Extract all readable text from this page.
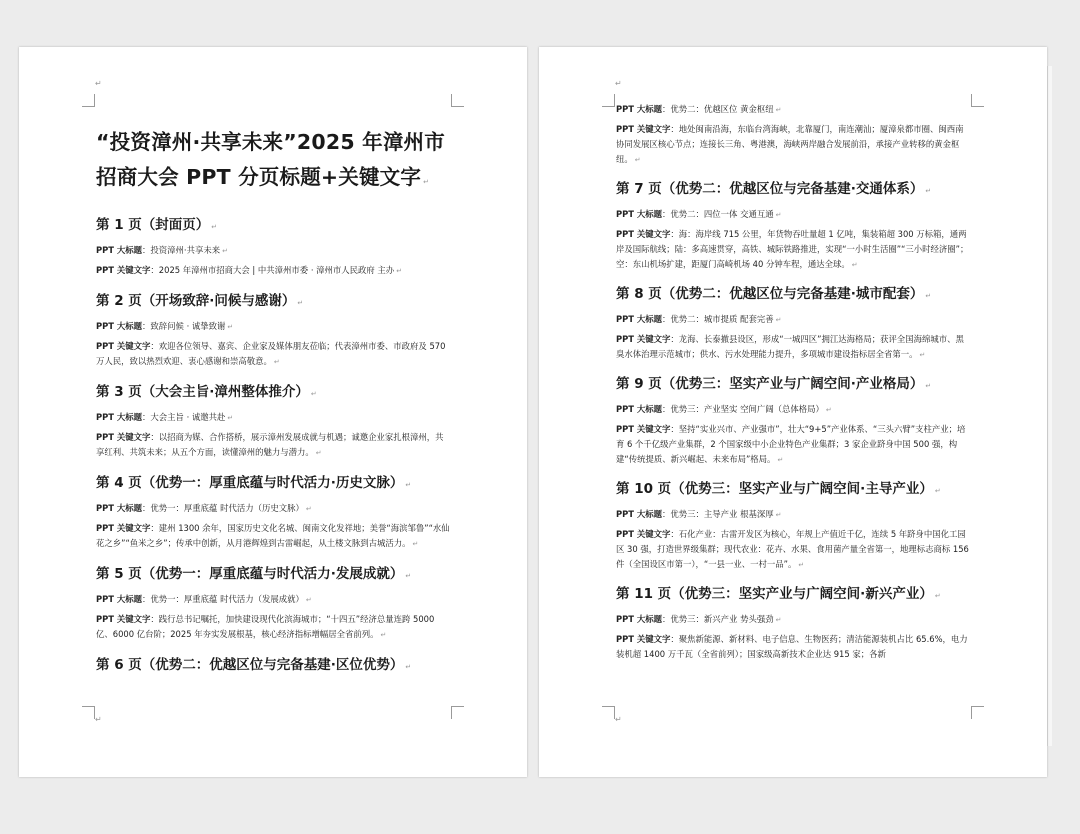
↵
↵
“投资漳州·共享未来”2025 年漳州市招商大会 PPT 分页标题+关键文字 ↵
第 1 页（封面页） ↵
PPT 大标题：投资漳州·共享未来 ↵
PPT 关键文字：2025 年漳州市招商大会 | 中共漳州市委 · 漳州市人民政府 主办 ↵
第 2 页（开场致辞·问候与感谢） ↵
PPT 大标题：致辞问候 · 诚挚致谢 ↵
PPT 关键文字：欢迎各位领导、嘉宾、企业家及媒体朋友莅临；代表漳州市委、市政府及 570 万人民，致以热烈欢迎、衷心感谢和崇高敬意。 ↵
第 3 页（大会主旨·漳州整体推介） ↵
PPT 大标题：大会主旨 · 诚邀共赴 ↵
PPT 关键文字：以招商为媒、合作搭桥，展示漳州发展成就与机遇；诚邀企业家扎根漳州，共享红利、共筑未来；从五个方面，读懂漳州的魅力与潜力。 ↵
第 4 页（优势一：厚重底蕴与时代活力·历史文脉） ↵
PPT 大标题：优势一：厚重底蕴 时代活力（历史文脉） ↵
PPT 关键文字：建州 1300 余年，国家历史文化名城、闽南文化发祥地；美誉“海滨邹鲁”“水仙花之乡”“鱼米之乡”；传承中创新，从月港辉煌到古雷崛起，从土楼文脉到古城活力。 ↵
第 5 页（优势一：厚重底蕴与时代活力·发展成就） ↵
PPT 大标题：优势一：厚重底蕴 时代活力（发展成就） ↵
PPT 关键文字：践行总书记嘱托，加快建设现代化滨海城市；“十四五”经济总量连跨 5000 亿、6000 亿台阶；2025 年夯实发展根基，核心经济指标增幅居全省前列。 ↵
第 6 页（优势二：优越区位与完备基建·区位优势） ↵
↵
↵
PPT 大标题：优势二：优越区位 黄金枢纽 ↵
PPT 关键文字：地处闽南沿海，东临台湾海峡，北靠厦门，南连潮汕；厦漳泉都市圈、闽西南协同发展区核心节点；连接长三角、粤港澳，海峡两岸融合发展前沿，承接产业转移的黄金枢纽。 ↵
第 7 页（优势二：优越区位与完备基建·交通体系） ↵
PPT 大标题：优势二：四位一体 交通互通 ↵
PPT 关键文字：海：海岸线 715 公里，年货物吞吐量超 1 亿吨，集装箱超 300 万标箱，通两岸及国际航线；陆：多高速贯穿，高铁、城际铁路推进，实现“一小时生活圈”“三小时经济圈”；空：东山机场扩建，距厦门高崎机场 40 分钟车程，通达全球。 ↵
第 8 页（优势二：优越区位与完备基建·城市配套） ↵
PPT 大标题：优势二：城市提质 配套完善 ↵
PPT 关键文字：龙海、长泰撤县设区，形成“一城四区”拥江达海格局；获评全国海绵城市、黑臭水体治理示范城市；供水、污水处理能力提升，多项城市建设指标居全省第一。 ↵
第 9 页（优势三：坚实产业与广阔空间·产业格局） ↵
PPT 大标题：优势三：产业坚实 空间广阔（总体格局） ↵
PPT 关键文字：坚持“实业兴市、产业强市”，壮大“9+5”产业体系、“三头六臂”支柱产业；培育 6 个千亿级产业集群，2 个国家级中小企业特色产业集群；3 家企业跻身中国 500 强，构建“传统提质、新兴崛起、未来布局”格局。 ↵
第 10 页（优势三：坚实产业与广阔空间·主导产业） ↵
PPT 大标题：优势三：主导产业 根基深厚 ↵
PPT 关键文字：石化产业：古雷开发区为核心，年规上产值近千亿，连续 5 年跻身中国化工园区 30 强，打造世界级集群；现代农业：花卉、水果、食用菌产量全省第一，地理标志商标 156 件（全国设区市第一），“一县一业、一村一品”。 ↵
第 11 页（优势三：坚实产业与广阔空间·新兴产业） ↵
PPT 大标题：优势三：新兴产业 势头强劲 ↵
PPT 关键文字：聚焦新能源、新材料、电子信息、生物医药；清洁能源装机占比 65.6%，电力装机超 1400 万千瓦（全省前列）；国家级高新技术企业达 915 家；各新
